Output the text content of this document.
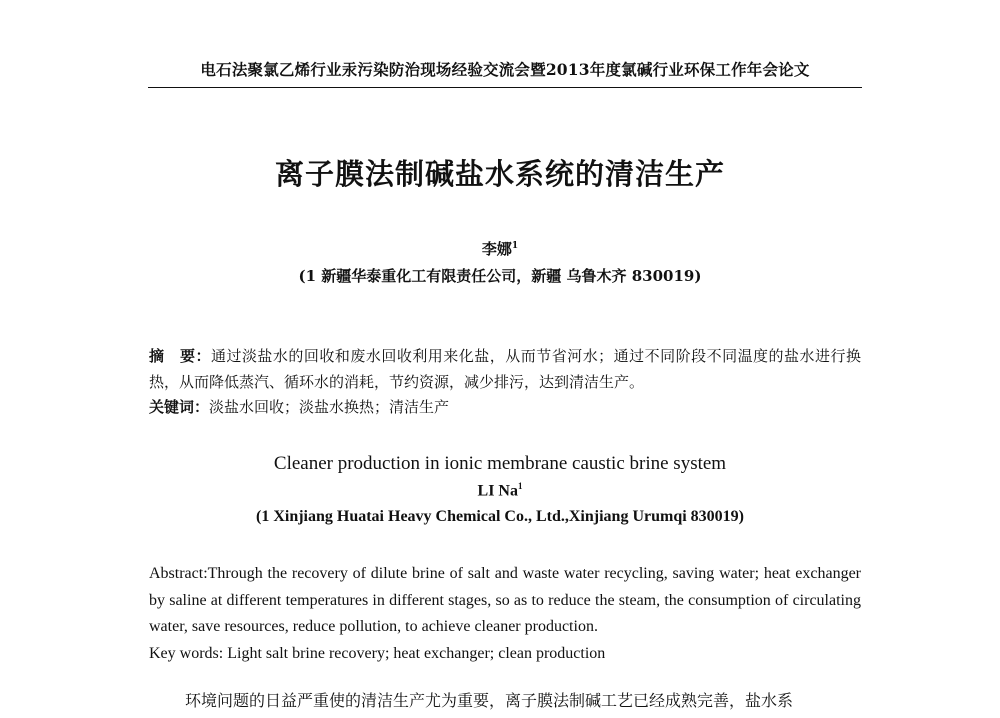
电石法聚氯乙烯行业汞污染防治现场经验交流会暨2013年度氯碱行业环保工作年会论文
离子膜法制碱盐水系统的清洁生产
李娜$^1$
(1 新疆华泰重化工有限责任公司，新疆 乌鲁木齐 830019)

摘　要：通过淡盐水的回收和废水回收利用来化盐，从而节省河水；通过不同阶段不同温度的盐水进行换热，从而降低蒸汽、循环水的消耗，节约资源，减少排污，达到清洁生产。

关键词：淡盐水回收；淡盐水换热；清洁生产

Cleaner production in ionic membrane caustic brine system
LI Na$^1$
(1 Xinjiang Huatai Heavy Chemical Co., Ltd.,Xinjiang Urumqi 830019)

Abstract:Through the recovery of dilute brine of salt and waste water recycling, saving water; heat exchanger by saline at different temperatures in different stages, so as to reduce the steam, the consumption of circulating water, save resources, reduce pollution, to achieve cleaner production.

Key words: Light salt brine recovery; heat exchanger; clean production

环境问题的日益严重使的清洁生产尤为重要，离子膜法制碱工艺已经成熟完善，盐水系
